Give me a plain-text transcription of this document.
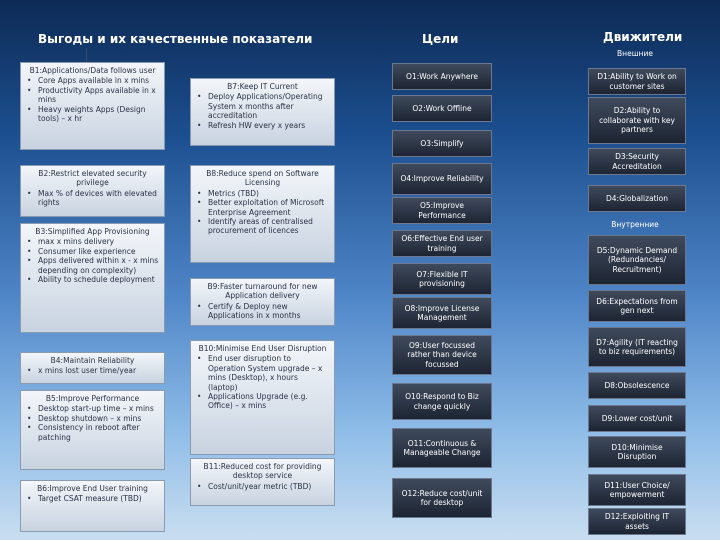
Выгоды и их качественные показатели	Цели	Движители
Внешние
Внутренние
B1:Applications/Data follows user
• Core Apps available in x mins
• Productivity Apps available in x mins
• Heavy weights Apps (Design tools) – x hr
B2:Restrict elevated security privilege
• Max % of devices with elevated rights
B3:Simplified App Provisioning
• max x mins delivery
• Consumer like experience
• Apps delivered within x - x mins depending on complexity)
• Ability to schedule deployment
B4:Maintain Reliability
• x mins lost user time/year
B5:Improve Performance
• Desktop start-up time – x mins
• Desktop shutdown – x mins
• Consistency in reboot after patching
B6:Improve End User training
• Target CSAT measure (TBD)
B7:Keep IT Current
• Deploy Applications/Operating System x months after accreditation
• Refresh HW every x years
B8:Reduce spend on Software Licensing
• Metrics (TBD)
• Better exploitation of Microsoft Enterprise Agreement
• Identify areas of centralised procurement of licences
B9:Faster turnaround for new Application delivery
• Certify & Deploy new Applications in x months
B10:Minimise End User Disruption
• End user disruption to Operation System upgrade – x mins (Desktop), x hours (laptop)
• Applications Upgrade (e.g. Office) – x mins
B11:Reduced cost for providing desktop service
• Cost/unit/year metric (TBD)
O1:Work Anywhere
O2:Work Offline
O3:Simplify
O4:Improve Reliability
O5:Improve Performance
O6:Effective End user training
O7:Flexible IT provisioning
O8:Improve License Management
O9:User focussed rather than device focussed
O10:Respond to Biz change quickly
O11:Continuous & Manageable Change
O12:Reduce cost/unit for desktop
D1:Ability to Work on customer sites
D2:Ability to collaborate with key partners
D3:Security Accreditation
D4:Globalization
D5:Dynamic Demand (Redundancies/ Recruitment)
D6:Expectations from gen next
D7:Agility (IT reacting to biz requirements)
D8:Obsolescence
D9:Lower cost/unit
D10:Minimise Disruption
D11:User Choice/ empowerment
D12:Exploiting IT assets
